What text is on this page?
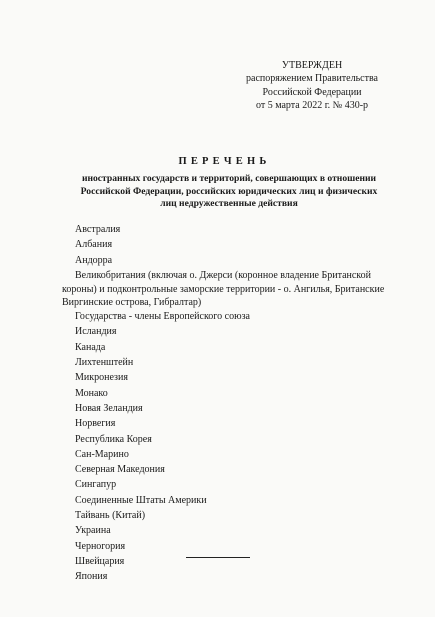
УТВЕРЖДЕН
распоряжением Правительства
Российской Федерации
от 5 марта 2022 г. № 430-р
ПЕРЕЧЕНЬ
иностранных государств и территорий, совершающих в отношении
Российской Федерации, российских юридических лиц и физических
лиц недружественные действия
Австралия
Албания
Андорра
Великобритания (включая о. Джерси (коронное владение Британской
короны) и подконтрольные заморские территории - о. Ангилья, Британские
Виргинские острова, Гибралтар)
Государства - члены Европейского союза
Исландия
Канада
Лихтенштейн
Микронезия
Монако
Новая Зеландия
Норвегия
Республика Корея
Сан-Марино
Северная Македония
Сингапур
Соединенные Штаты Америки
Тайвань (Китай)
Украина
Черногория
Швейцария
Япония
